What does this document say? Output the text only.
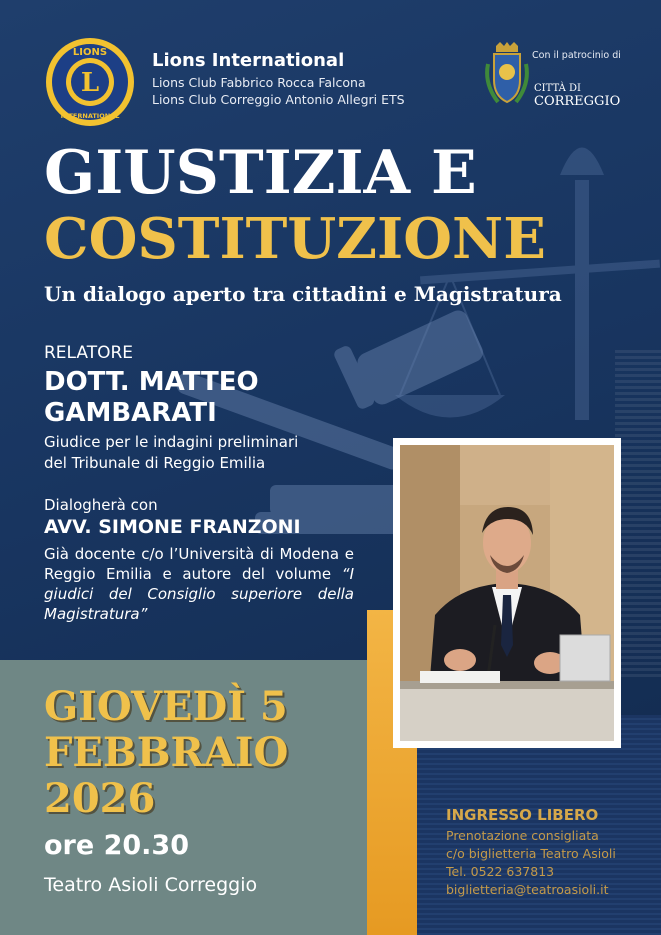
L
LIONS
INTERNATIONAL
Lions International
Lions Club Fabbrico Rocca Falcona
Lions Club Correggio Antonio Allegri ETS
Con il patrocinio di
CITTÀ DI
CORREGGIO
GIUSTIZIA E
COSTITUZIONE
Un dialogo aperto tra cittadini e Magistratura
RELATORE
DOTT. MATTEO
GAMBARATI
Giudice per le indagini preliminari
del Tribunale di Reggio Emilia
Dialogherà con
AVV. SIMONE FRANZONI
Già docente c/o l’Università di Modena e Reggio Emilia e autore del volume “I giudici del Consiglio superiore della Magistratura”
GIOVEDÌ 5
FEBBRAIO
2026
ore 20.30
Teatro Asioli Correggio
INGRESSO LIBERO
Prenotazione consigliata
c/o biglietteria Teatro Asioli
Tel. 0522 637813
biglietteria@teatroasioli.it
